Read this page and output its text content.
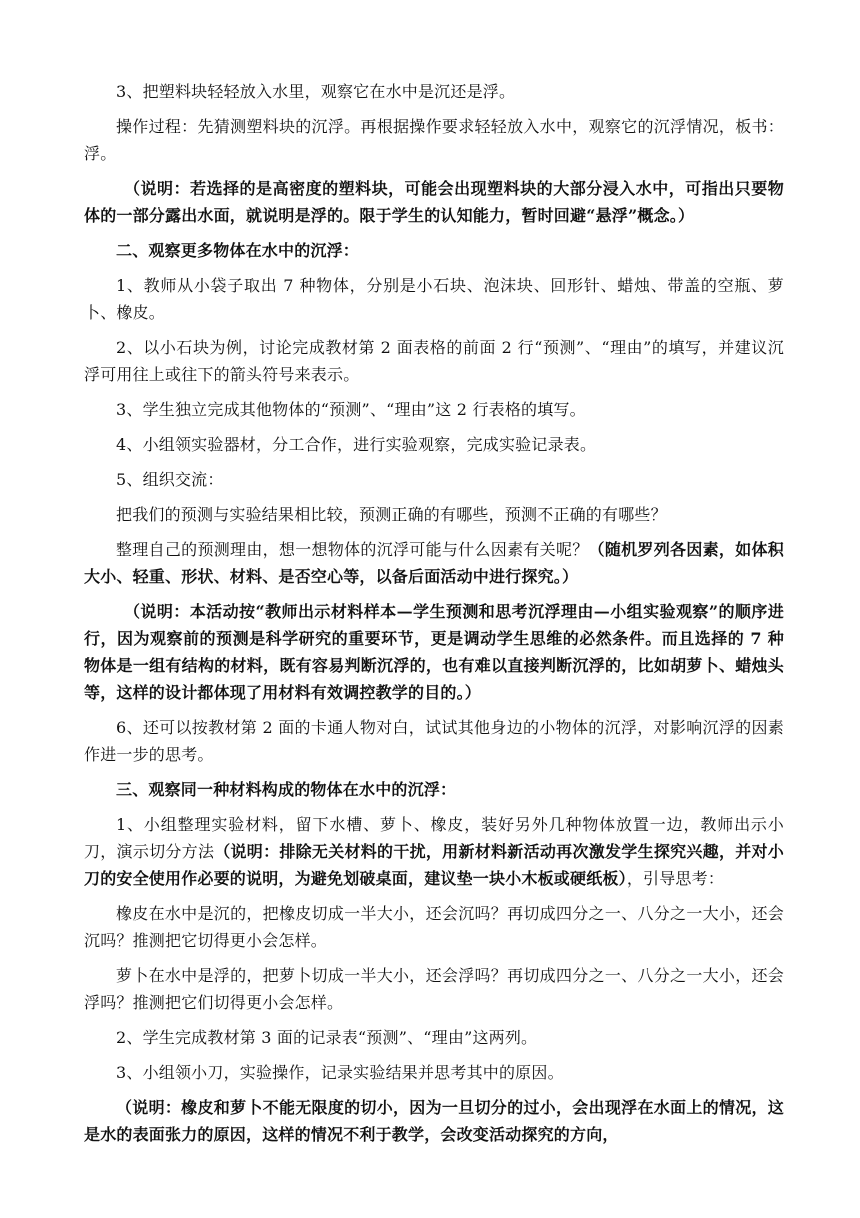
3、把塑料块轻轻放入水里，观察它在水中是沉还是浮。

操作过程：先猜测塑料块的沉浮。再根据操作要求轻轻放入水中，观察它的沉浮情况，板书：浮。

（说明：若选择的是高密度的塑料块，可能会出现塑料块的大部分浸入水中，可指出只要物体的一部分露出水面，就说明是浮的。限于学生的认知能力，暂时回避“悬浮”概念。）

二、观察更多物体在水中的沉浮：

1、教师从小袋子取出 7 种物体，分别是小石块、泡沫块、回形针、蜡烛、带盖的空瓶、萝卜、橡皮。

2、以小石块为例，讨论完成教材第 2 面表格的前面 2 行“预测”、“理由”的填写，并建议沉浮可用往上或往下的箭头符号来表示。

3、学生独立完成其他物体的“预测”、“理由”这 2 行表格的填写。

4、小组领实验器材，分工合作，进行实验观察，完成实验记录表。

5、组织交流：

把我们的预测与实验结果相比较，预测正确的有哪些，预测不正确的有哪些？

整理自己的预测理由，想一想物体的沉浮可能与什么因素有关呢？（随机罗列各因素，如体积大小、轻重、形状、材料、是否空心等，以备后面活动中进行探究。）

（说明：本活动按“教师出示材料样本—学生预测和思考沉浮理由—小组实验观察”的顺序进行，因为观察前的预测是科学研究的重要环节，更是调动学生思维的必然条件。而且选择的 7 种物体是一组有结构的材料，既有容易判断沉浮的，也有难以直接判断沉浮的，比如胡萝卜、蜡烛头等，这样的设计都体现了用材料有效调控教学的目的。）

6、还可以按教材第 2 面的卡通人物对白，试试其他身边的小物体的沉浮，对影响沉浮的因素作进一步的思考。

三、观察同一种材料构成的物体在水中的沉浮：

1、小组整理实验材料，留下水槽、萝卜、橡皮，装好另外几种物体放置一边，教师出示小刀，演示切分方法（说明：排除无关材料的干扰，用新材料新活动再次激发学生探究兴趣，并对小刀的安全使用作必要的说明，为避免划破桌面，建议垫一块小木板或硬纸板），引导思考：

橡皮在水中是沉的，把橡皮切成一半大小，还会沉吗？再切成四分之一、八分之一大小，还会沉吗？推测把它切得更小会怎样。

萝卜在水中是浮的，把萝卜切成一半大小，还会浮吗？再切成四分之一、八分之一大小，还会浮吗？推测把它们切得更小会怎样。

2、学生完成教材第 3 面的记录表“预测”、“理由”这两列。

3、小组领小刀，实验操作，记录实验结果并思考其中的原因。

（说明：橡皮和萝卜不能无限度的切小，因为一旦切分的过小，会出现浮在水面上的情况，这是水的表面张力的原因，这样的情况不利于教学，会改变活动探究的方向，
